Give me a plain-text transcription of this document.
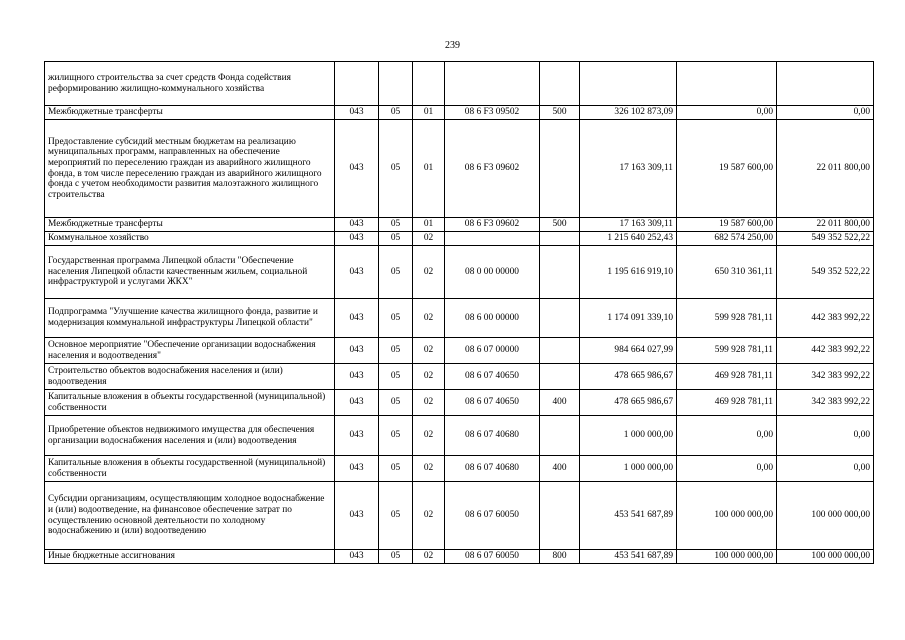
239
жилищного строительства за счет средств Фонда содействия реформированию жилищно-коммунального хозяйства								
Межбюджетные трансферты	043	05	01	08 6 F3 09502	500	326 102 873,09	0,00	0,00
Предоставление субсидий местным бюджетам на реализацию муниципальных программ, направленных на обеспечение мероприятий по переселению граждан из аварийного жилищного фонда, в том числе переселению граждан из аварийного жилищного фонда с учетом необходимости развития малоэтажного жилищного строительства	043	05	01	08 6 F3 09602		17 163 309,11	19 587 600,00	22 011 800,00
Межбюджетные трансферты	043	05	01	08 6 F3 09602	500	17 163 309,11	19 587 600,00	22 011 800,00
Коммунальное хозяйство	043	05	02			1 215 640 252,43	682 574 250,00	549 352 522,22
Государственная программа Липецкой области "Обеспечение населения Липецкой области качественным жильем, социальной инфраструктурой и услугами ЖКХ"	043	05	02	08 0 00 00000		1 195 616 919,10	650 310 361,11	549 352 522,22
Подпрограмма "Улучшение качества жилищного фонда, развитие и модернизация коммунальной инфраструктуры Липецкой области"	043	05	02	08 6 00 00000		1 174 091 339,10	599 928 781,11	442 383 992,22
Основное мероприятие "Обеспечение организации водоснабжения населения и водоотведения"	043	05	02	08 6 07 00000		984 664 027,99	599 928 781,11	442 383 992,22
Строительство объектов водоснабжения населения и (или) водоотведения	043	05	02	08 6 07 40650		478 665 986,67	469 928 781,11	342 383 992,22
Капитальные вложения в объекты государственной (муниципальной) собственности	043	05	02	08 6 07 40650	400	478 665 986,67	469 928 781,11	342 383 992,22
Приобретение объектов недвижимого имущества для обеспечения организации водоснабжения населения и (или) водоотведения	043	05	02	08 6 07 40680		1 000 000,00	0,00	0,00
Капитальные вложения в объекты государственной (муниципальной) собственности	043	05	02	08 6 07 40680	400	1 000 000,00	0,00	0,00
Субсидии организациям, осуществляющим холодное водоснабжение и (или) водоотведение, на финансовое обеспечение затрат по осуществлению основной деятельности по холодному водоснабжению и (или) водоотведению	043	05	02	08 6 07 60050		453 541 687,89	100 000 000,00	100 000 000,00
Иные бюджетные ассигнования	043	05	02	08 6 07 60050	800	453 541 687,89	100 000 000,00	100 000 000,00
